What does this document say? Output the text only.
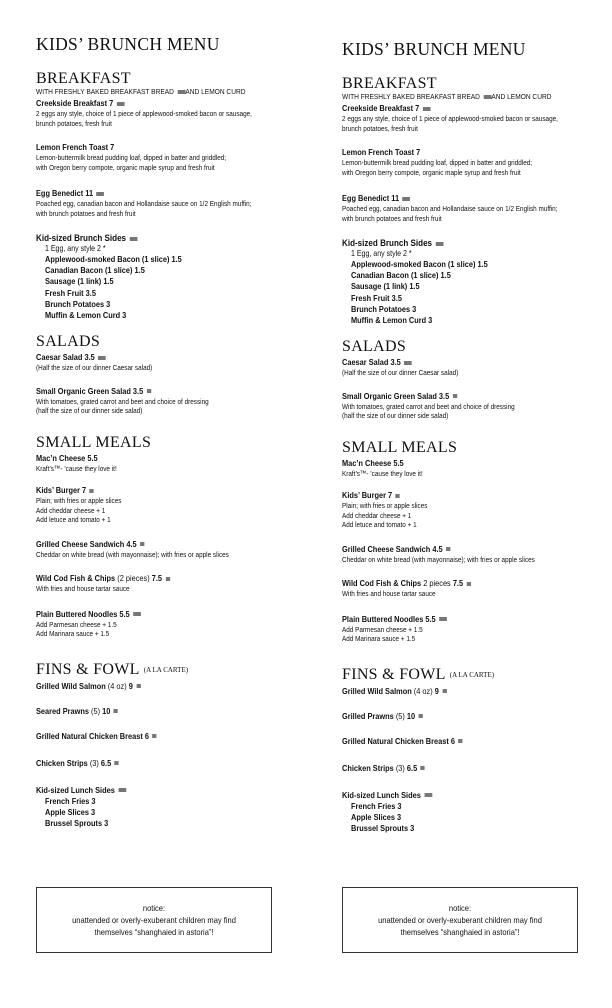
KIDS’ BRUNCH MENU
BREAKFAST
WITH FRESHLY BAKED BREAKFAST BREAD AND LEMON CURD
Creekside Breakfast 7
2 eggs any style, choice of 1 piece of applewood-smoked bacon or sausage,
brunch potatoes, fresh fruit
Lemon French Toast 7
Lemon-buttermilk bread pudding loaf, dipped in batter and griddled;
with Oregon berry compote, organic maple syrup and fresh fruit
Egg Benedict 11
Poached egg, canadian bacon and Hollandaise sauce on 1/2 English muffin;
with brunch potatoes and fresh fruit
Kid-sized Brunch Sides
1 Egg, any style 2 *
Applewood-smoked Bacon (1 slice) 1.5
Canadian Bacon (1 slice) 1.5
Sausage (1 link) 1.5
Fresh Fruit 3.5
Brunch Potatoes 3
Muffin & Lemon Curd 3
SALADS
Caesar Salad 3.5
(Half the size of our dinner Caesar salad)
Small Organic Green Salad 3.5
With tomatoes, grated carrot and beet and choice of dressing
(half the size of our dinner side salad)
SMALL MEALS
Mac’n Cheese 5.5
Kraft’s™- ’cause they love it!
Kids’ Burger 7
Plain; with fries or apple slices
Add cheddar cheese + 1
Add letuce and tomato + 1
Grilled Cheese Sandwich 4.5
Cheddar on white bread (with mayonnaise); with fries or apple slices
Wild Cod Fish & Chips (2 pieces) 7.5
With fries and house tartar sauce
Plain Buttered Noodles 5.5
Add Parmesan cheese + 1.5
Add Marinara sauce + 1.5
FINS & FOWL (A LA CARTE)
Grilled Wild Salmon (4 oz) 9
Seared Prawns (5) 10
Grilled Natural Chicken Breast 6
Chicken Strips (3) 6.5
Kid-sized Lunch Sides
French Fries 3
Apple Slices 3
Brussel Sprouts 3
notice:
unattended or overly-exuberant children may find
themselves “shanghaied in astoria”!
KIDS’ BRUNCH MENU
BREAKFAST
WITH FRESHLY BAKED BREAKFAST BREAD AND LEMON CURD
Creekside Breakfast 7
2 eggs any style, choice of 1 piece of applewood-smoked bacon or sausage,
brunch potatoes, fresh fruit
Lemon French Toast 7
Lemon-buttermilk bread pudding loaf, dipped in batter and griddled;
with Oregon berry compote, organic maple syrup and fresh fruit
Egg Benedict 11
Poached egg, canadian bacon and Hollandaise sauce on 1/2 English muffin;
with brunch potatoes and fresh fruit
Kid-sized Brunch Sides
1 Egg, any style 2 *
Applewood-smoked Bacon (1 slice) 1.5
Canadian Bacon (1 slice) 1.5
Sausage (1 link) 1.5
Fresh Fruit 3.5
Brunch Potatoes 3
Muffin & Lemon Curd 3
SALADS
Caesar Salad 3.5
(Half the size of our dinner Caesar salad)
Small Organic Green Salad 3.5
With tomatoes, grated carrot and beet and choice of dressing
(half the size of our dinner side salad)
SMALL MEALS
Mac’n Cheese 5.5
Kraft’s™- ’cause they love it!
Kids’ Burger 7
Plain; with fries or apple slices
Add cheddar cheese + 1
Add letuce and tomato + 1
Grilled Cheese Sandwich 4.5
Cheddar on white bread (with mayonnaise); with fries or apple slices
Wild Cod Fish & Chips 2 pieces 7.5
With fries and house tartar sauce
Plain Buttered Noodles 5.5
Add Parmesan cheese + 1.5
Add Marinara sauce + 1.5
FINS & FOWL (A LA CARTE)
Grilled Wild Salmon (4 oz) 9
Grilled Prawns (5) 10
Grilled Natural Chicken Breast 6
Chicken Strips (3) 6.5
Kid-sized Lunch Sides
French Fries 3
Apple Slices 3
Brussel Sprouts 3
notice:
unattended or overly-exuberant children may find
themselves “shanghaied in astoria”!
